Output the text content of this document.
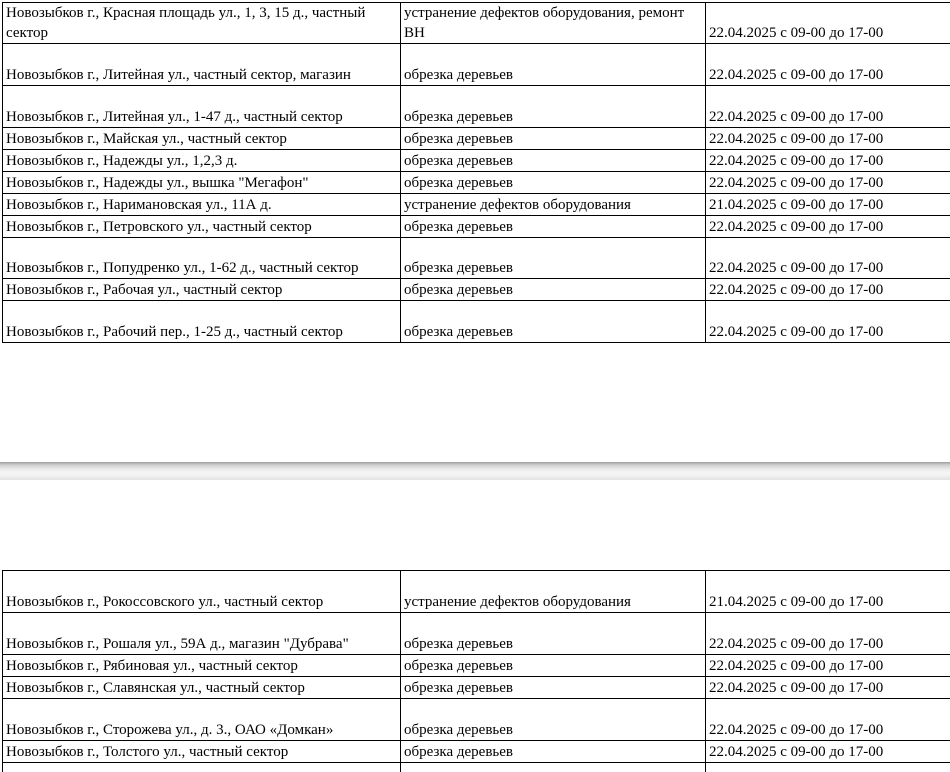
Новозыбков г., Красная площадь ул., 1, 3, 15 д., частный сектор	устранение дефектов оборудования, ремонт ВН	22.04.2025 с 09-00 до 17-00
Новозыбков г., Литейная ул., частный сектор, магазин	обрезка деревьев	22.04.2025 с 09-00 до 17-00
Новозыбков г., Литейная ул., 1-47 д., частный сектор	обрезка деревьев	22.04.2025 с 09-00 до 17-00
Новозыбков г., Майская ул., частный сектор	обрезка деревьев	22.04.2025 с 09-00 до 17-00
Новозыбков г., Надежды ул., 1,2,3 д.	обрезка деревьев	22.04.2025 с 09-00 до 17-00
Новозыбков г., Надежды ул., вышка "Мегафон"	обрезка деревьев	22.04.2025 с 09-00 до 17-00
Новозыбков г., Наримановская ул., 11А д.	устранение дефектов оборудования	21.04.2025 с 09-00 до 17-00
Новозыбков г., Петровского ул., частный сектор	обрезка деревьев	22.04.2025 с 09-00 до 17-00
Новозыбков г., Попудренко ул., 1-62 д., частный сектор	обрезка деревьев	22.04.2025 с 09-00 до 17-00
Новозыбков г., Рабочая ул., частный сектор	обрезка деревьев	22.04.2025 с 09-00 до 17-00
Новозыбков г., Рабочий пер., 1-25 д., частный сектор	обрезка деревьев	22.04.2025 с 09-00 до 17-00
Новозыбков г., Рокоссовского ул., частный сектор	устранение дефектов оборудования	21.04.2025 с 09-00 до 17-00
Новозыбков г., Рошаля ул., 59А д., магазин "Дубрава"	обрезка деревьев	22.04.2025 с 09-00 до 17-00
Новозыбков г., Рябиновая ул., частный сектор	обрезка деревьев	22.04.2025 с 09-00 до 17-00
Новозыбков г., Славянская ул., частный сектор	обрезка деревьев	22.04.2025 с 09-00 до 17-00
Новозыбков г., Сторожева ул., д. 3., ОАО «Домкан»	обрезка деревьев	22.04.2025 с 09-00 до 17-00
Новозыбков г., Толстого ул., частный сектор	обрезка деревьев	22.04.2025 с 09-00 до 17-00
